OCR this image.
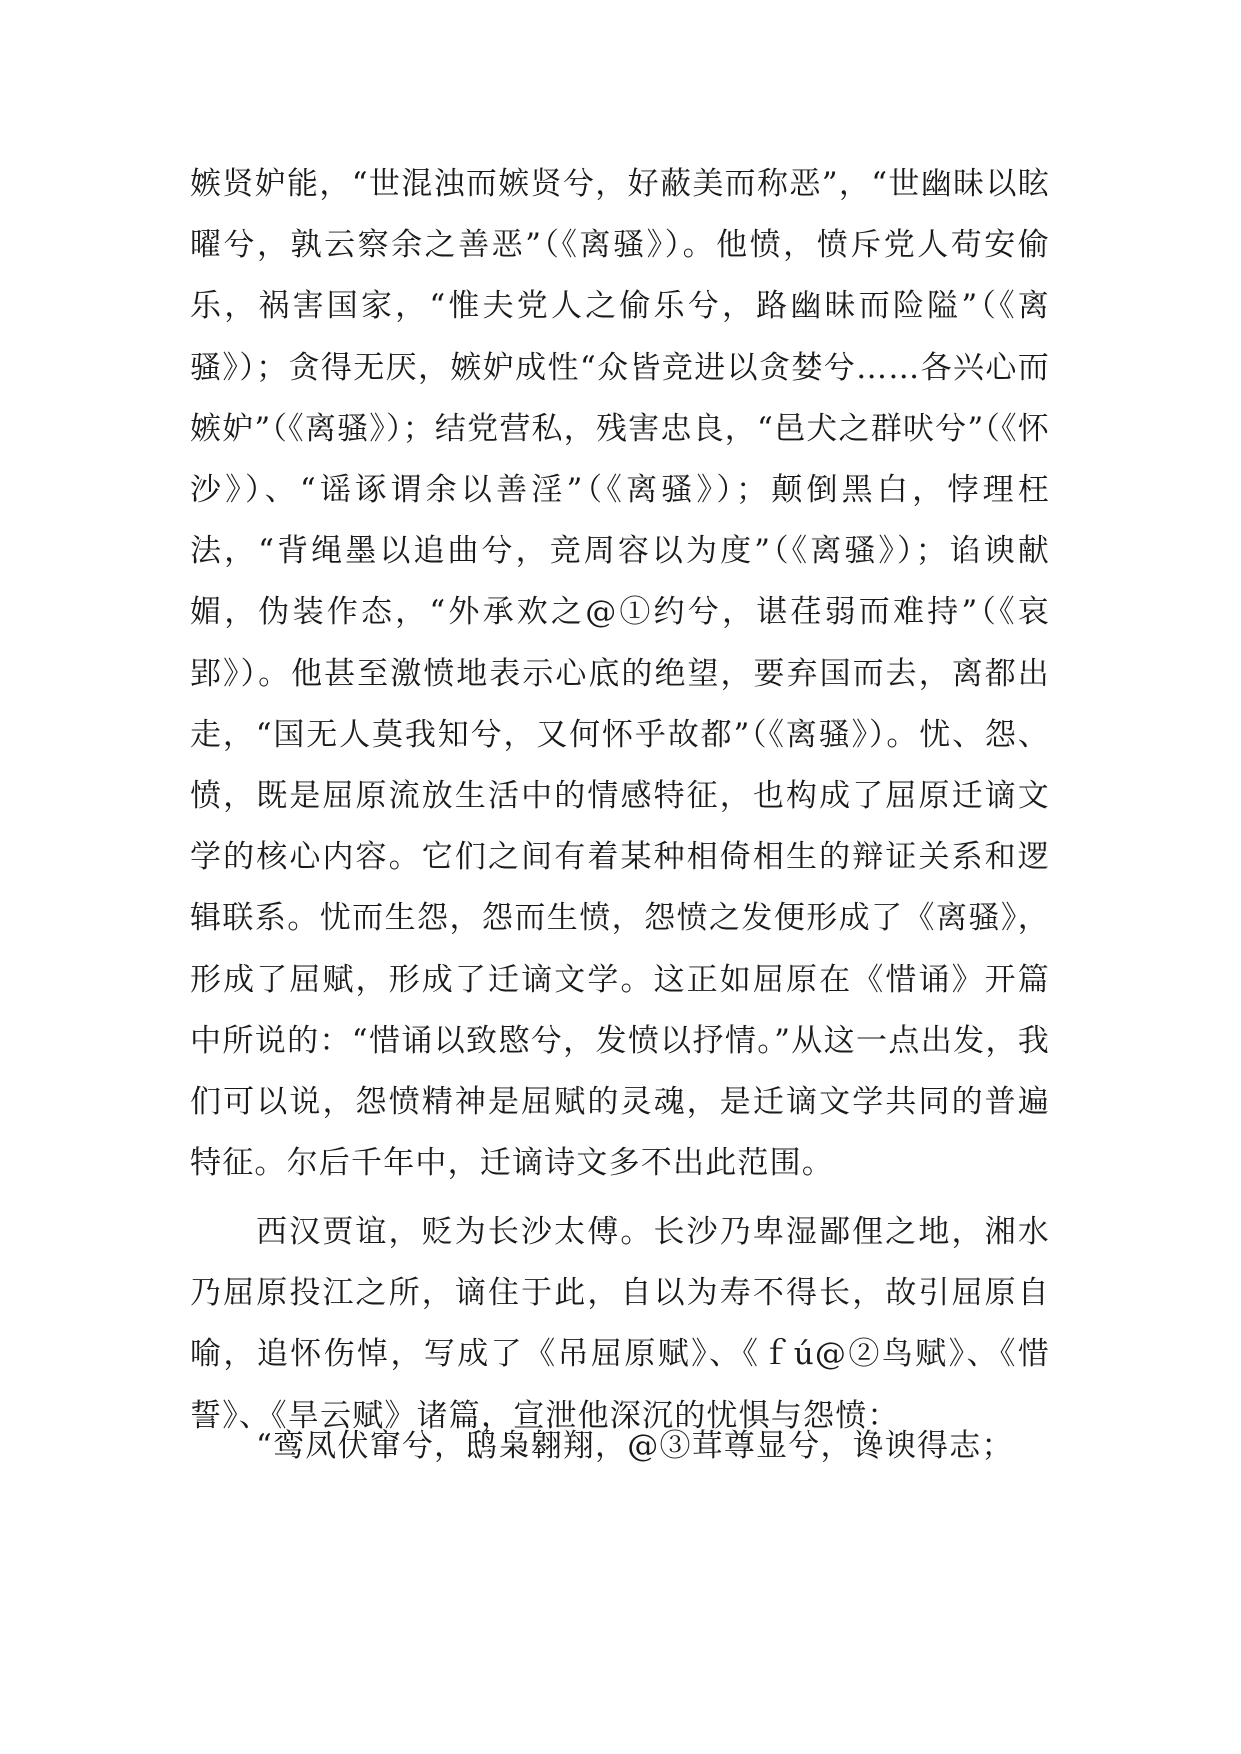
嫉贤妒能，“世混浊而嫉贤兮，好蔽美而称恶”，“世幽昧以眩曜兮，孰云察余之善恶”（《离骚》）。他愤，愤斥党人苟安偷乐，祸害国家，“惟夫党人之偷乐兮，路幽昧而险隘”（《离骚》）；贪得无厌，嫉妒成性“众皆竞进以贪婪兮……各兴心而嫉妒”（《离骚》）；结党营私，残害忠良，“邑犬之群吠兮”（《怀沙》）、“谣诼谓余以善淫”（《离骚》）；颠倒黑白，悖理枉法，“背绳墨以追曲兮，竞周容以为度”（《离骚》）；谄谀献媚，伪装作态，“外承欢之@①约兮，谌荏弱而难持”（《哀郢》）。他甚至激愤地表示心底的绝望，要弃国而去，离都出走，“国无人莫我知兮，又何怀乎故都”（《离骚》）。忧、怨、愤，既是屈原流放生活中的情感特征，也构成了屈原迁谪文学的核心内容。它们之间有着某种相倚相生的辩证关系和逻辑联系。忧而生怨，怨而生愤，怨愤之发便形成了《离骚》，形成了屈赋，形成了迁谪文学。这正如屈原在《惜诵》开篇中所说的：“惜诵以致愍兮，发愤以抒情。”从这一点出发，我们可以说，怨愤精神是屈赋的灵魂，是迁谪文学共同的普遍特征。尔后千年中，迁谪诗文多不出此范围。

西汉贾谊，贬为长沙太傅。长沙乃卑湿鄙俚之地，湘水乃屈原投江之所，谪住于此，自以为寿不得长，故引屈原自喻，追怀伤悼，写成了《吊屈原赋》、《ｆú@②鸟赋》、《惜誓》、《旱云赋》诸篇，宣泄他深沉的忧惧与怨愤：

“鸾凤伏窜兮，鸱枭翱翔，@③茸尊显兮，谗谀得志；
